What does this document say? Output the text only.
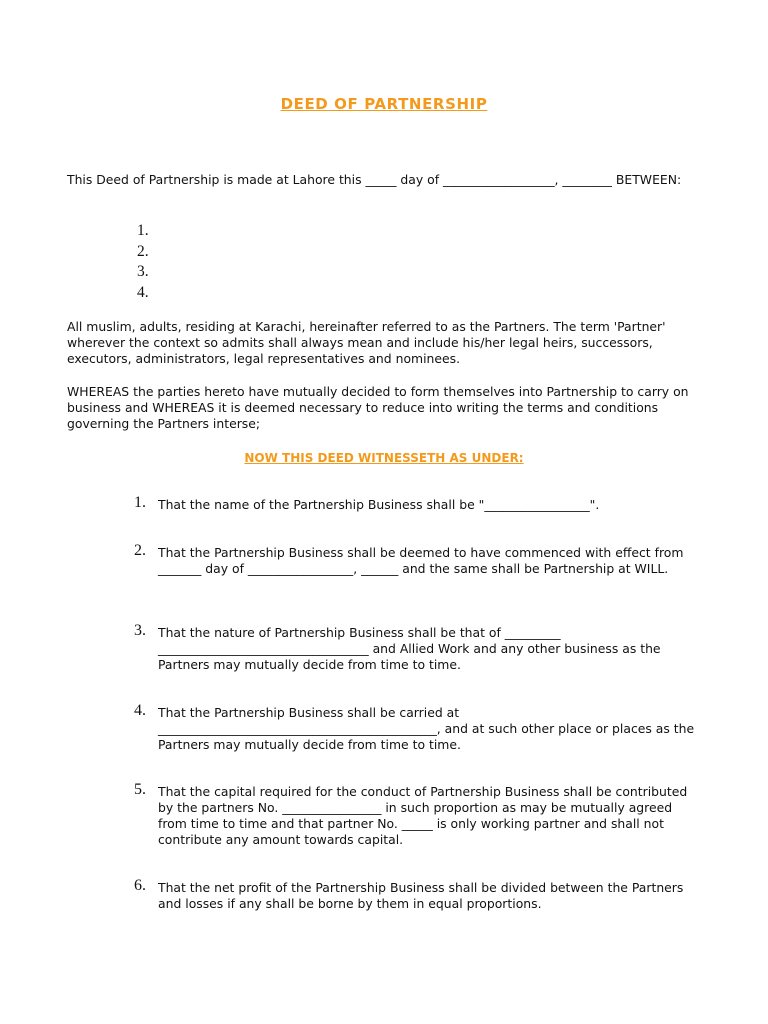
DEED OF PARTNERSHIP

This Deed of Partnership is made at Lahore this _____ day of __________________, ________ BETWEEN:

1.
2.
3.
4.

All muslim, adults, residing at Karachi, hereinafter referred to as the Partners. The term 'Partner' wherever the context so admits shall always mean and include his/her legal heirs, successors, executors, administrators, legal representatives and nominees.

WHEREAS the parties hereto have mutually decided to form themselves into Partnership to carry on business and WHEREAS it is deemed necessary to reduce into writing the terms and conditions governing the Partners interse;

NOW THIS DEED WITNESSETH AS UNDER:
1. That the name of the Partnership Business shall be "_________________".
2. That the Partnership Business shall be deemed to have commenced with effect from _______ day of _________________, ______ and the same shall be Partnership at WILL.
3. That the nature of Partnership Business shall be that of _________ __________________________________ and Allied Work and any other business as the Partners may mutually decide from time to time.
4. That the Partnership Business shall be carried at _____________________________________________, and at such other place or places as the Partners may mutually decide from time to time.
5. That the capital required for the conduct of Partnership Business shall be contributed by the partners No. ________________ in such proportion as may be mutually agreed from time to time and that partner No. _____ is only working partner and shall not contribute any amount towards capital.
6. That the net profit of the Partnership Business shall be divided between the Partners and losses if any shall be borne by them in equal proportions.
